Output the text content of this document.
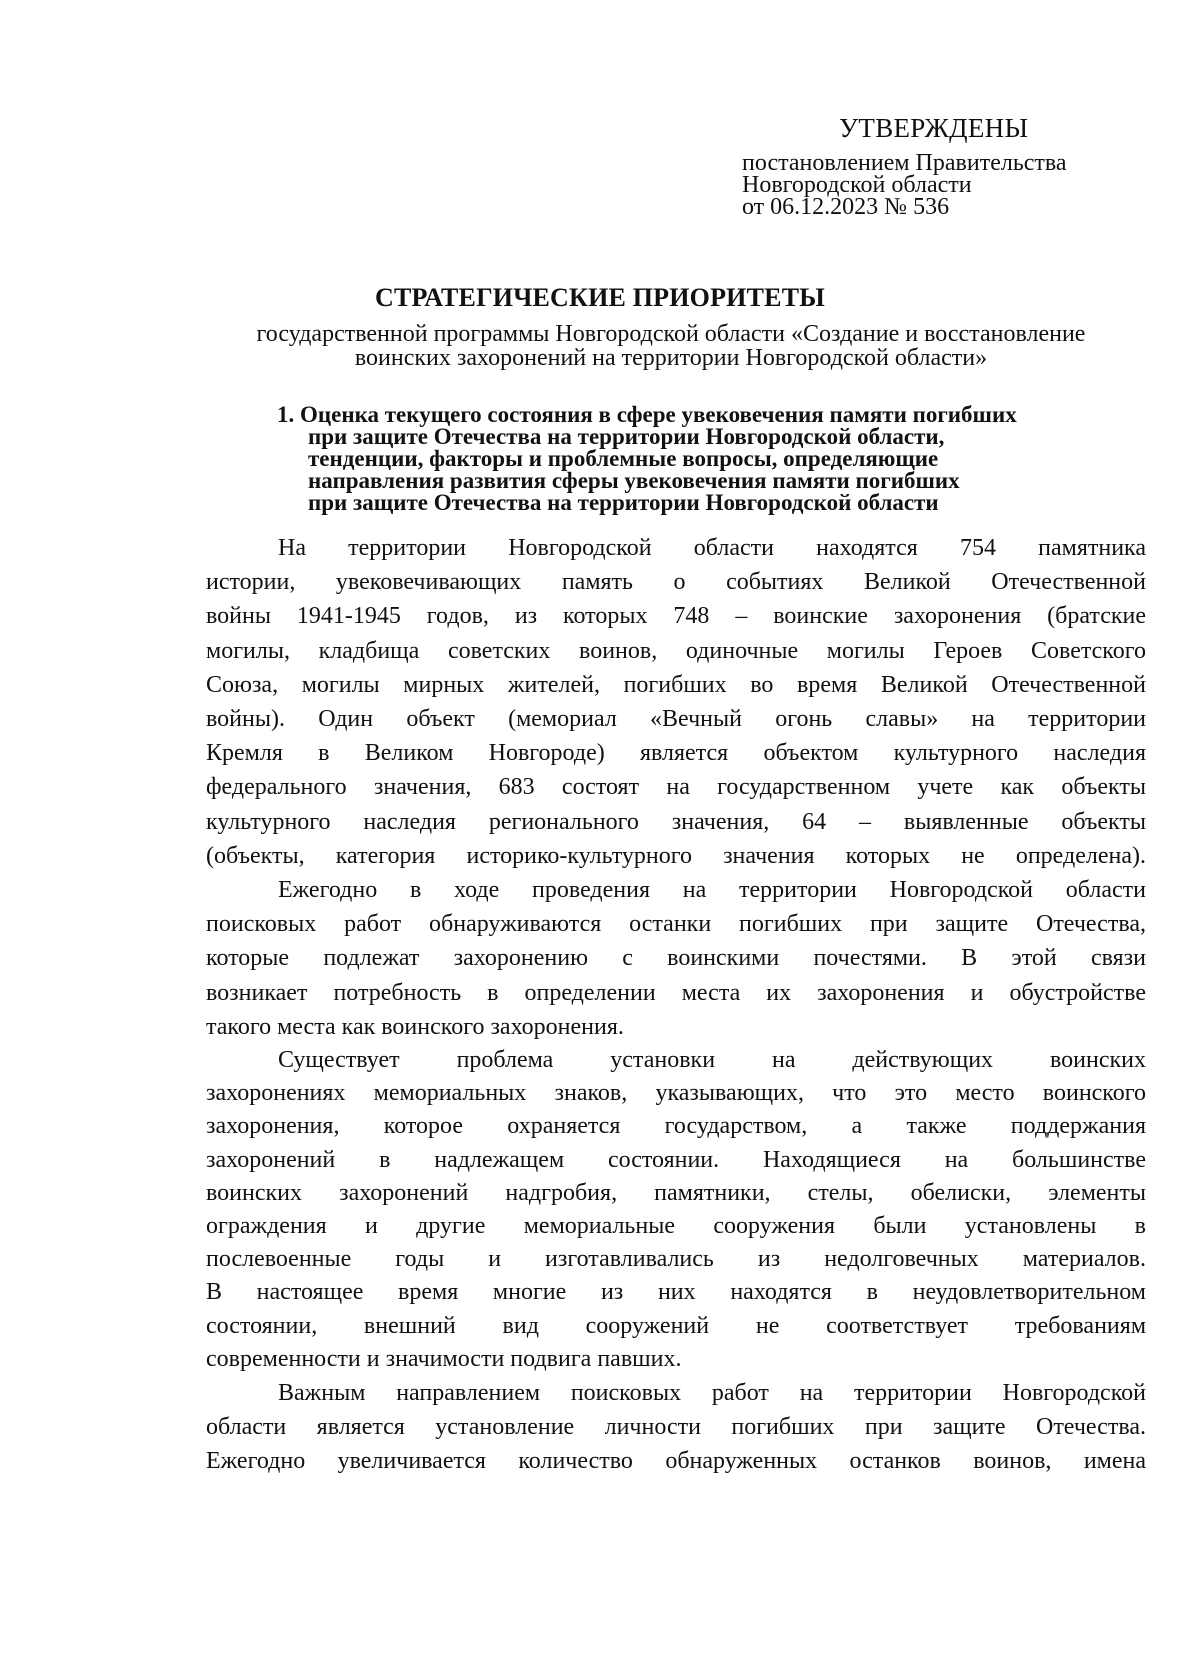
УТВЕРЖДЕНЫ
постановлением Правительства
Новгородской области
от 06.12.2023 № 536
СТРАТЕГИЧЕСКИЕ ПРИОРИТЕТЫ
государственной программы Новгородской области «Создание и восстановление
воинских захоронений на территории Новгородской области»
1. Оценка текущего состояния в сфере увековечения памяти погибших
при защите Отечества на территории Новгородской области,
тенденции, факторы и проблемные вопросы, определяющие
направления развития сферы увековечения памяти погибших
при защите Отечества на территории Новгородской области
На территории Новгородской области находятся 754 памятника
истории, увековечивающих память о событиях Великой Отечественной
войны 1941-1945 годов, из которых 748 – воинские захоронения (братские
могилы, кладбища советских воинов, одиночные могилы Героев Советского
Союза, могилы мирных жителей, погибших во время Великой Отечественной
войны). Один объект (мемориал «Вечный огонь славы» на территории
Кремля в Великом Новгороде) является объектом культурного наследия
федерального значения, 683 состоят на государственном учете как объекты
культурного наследия регионального значения, 64 – выявленные объекты
(объекты, категория историко-культурного значения которых не определена).
Ежегодно в ходе проведения на территории Новгородской области
поисковых работ обнаруживаются останки погибших при защите Отечества,
которые подлежат захоронению с воинскими почестями. В этой связи
возникает потребность в определении места их захоронения и обустройстве
такого места как воинского захоронения.
Существует проблема установки на действующих воинских
захоронениях мемориальных знаков, указывающих, что это место воинского
захоронения, которое охраняется государством, а также поддержания
захоронений в надлежащем состоянии. Находящиеся на большинстве
воинских захоронений надгробия, памятники, стелы, обелиски, элементы
ограждения и другие мемориальные сооружения были установлены в
послевоенные годы и изготавливались из недолговечных материалов.
В настоящее время многие из них находятся в неудовлетворительном
состоянии, внешний вид сооружений не соответствует требованиям
современности и значимости подвига павших.
Важным направлением поисковых работ на территории Новгородской
области является установление личности погибших при защите Отечества.
Ежегодно увеличивается количество обнаруженных останков воинов, имена
